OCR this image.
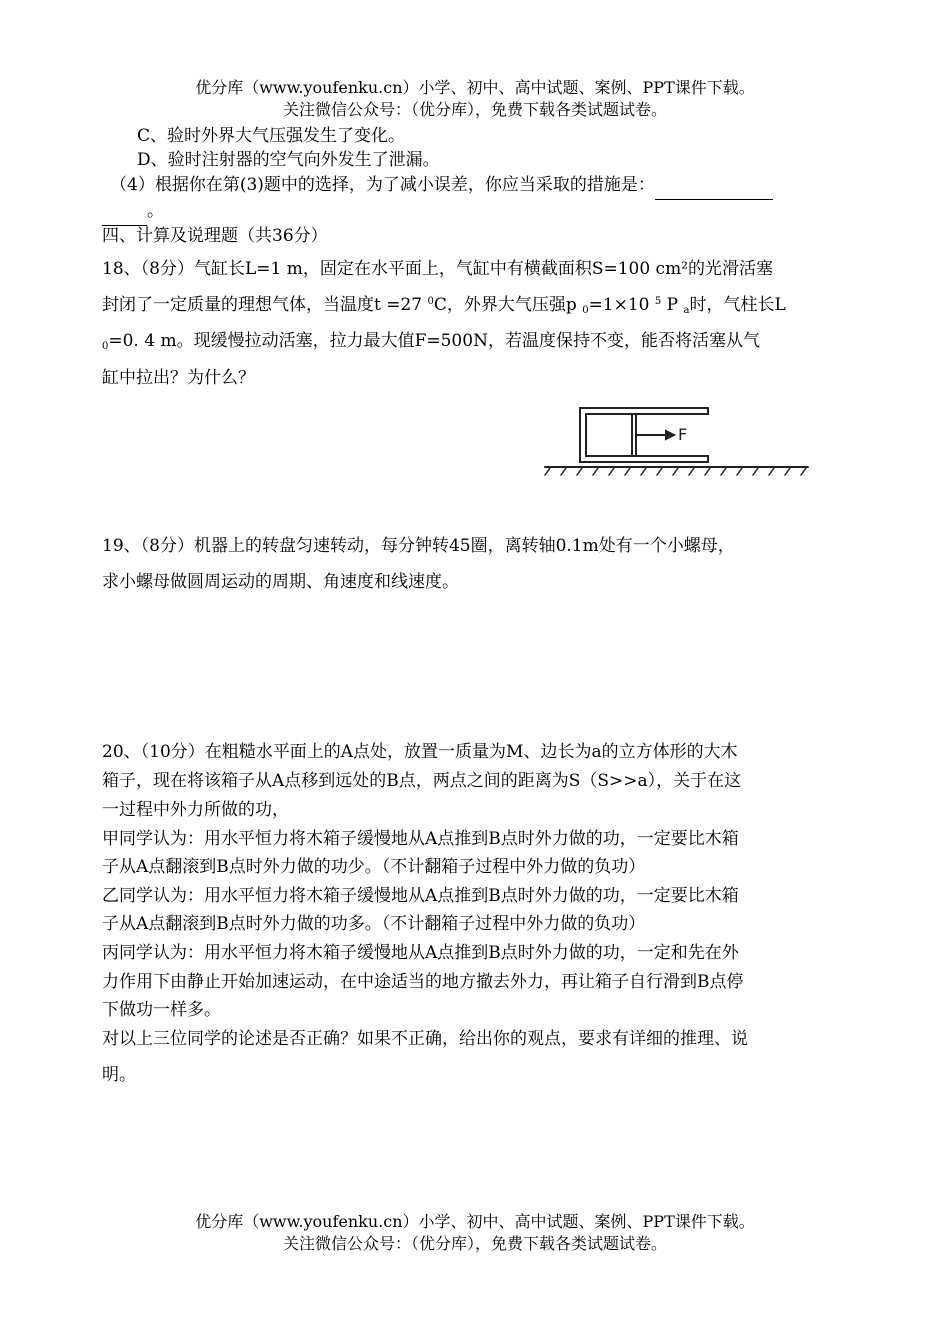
优分库（www.youfenku.cn）小学、初中、高中试题、案例、PPT课件下载。
关注微信公众号：（优分库），免费下载各类试题试卷。
C、验时外界大气压强发生了变化。
D、验时注射器的空气向外发生了泄漏。
（4）根据你在第(3)题中的选择，为了减小误差，你应当采取的措施是：
。
四、计算及说理题（共36分）
18、（8分）气缸长L=1 m，固定在水平面上，气缸中有横截面积S=100 cm²的光滑活塞
封闭了一定质量的理想气体，当温度t =27 $^0$C，外界大气压强p $_0$=1×10 $^5$ P $_a$时，气柱长L
$_0$=0. 4 m。现缓慢拉动活塞，拉力最大值F=500N，若温度保持不变，能否将活塞从气
缸中拉出？为什么？
F
19、（8分）机器上的转盘匀速转动，每分钟转45圈，离转轴0.1m处有一个小螺母，
求小螺母做圆周运动的周期、角速度和线速度。
20、（10分）在粗糙水平面上的A点处，放置一质量为M、边长为a的立方体形的大木
箱子，现在将该箱子从A点移到远处的B点，两点之间的距离为S（S>>a），关于在这
一过程中外力所做的功，
甲同学认为：用水平恒力将木箱子缓慢地从A点推到B点时外力做的功，一定要比木箱
子从A点翻滚到B点时外力做的功少。（不计翻箱子过程中外力做的负功）
乙同学认为：用水平恒力将木箱子缓慢地从A点推到B点时外力做的功，一定要比木箱
子从A点翻滚到B点时外力做的功多。（不计翻箱子过程中外力做的负功）
丙同学认为：用水平恒力将木箱子缓慢地从A点推到B点时外力做的功，一定和先在外
力作用下由静止开始加速运动，在中途适当的地方撤去外力，再让箱子自行滑到B点停
下做功一样多。
对以上三位同学的论述是否正确？如果不正确，给出你的观点，要求有详细的推理、说
明。
优分库（www.youfenku.cn）小学、初中、高中试题、案例、PPT课件下载。
关注微信公众号：（优分库），免费下载各类试题试卷。
